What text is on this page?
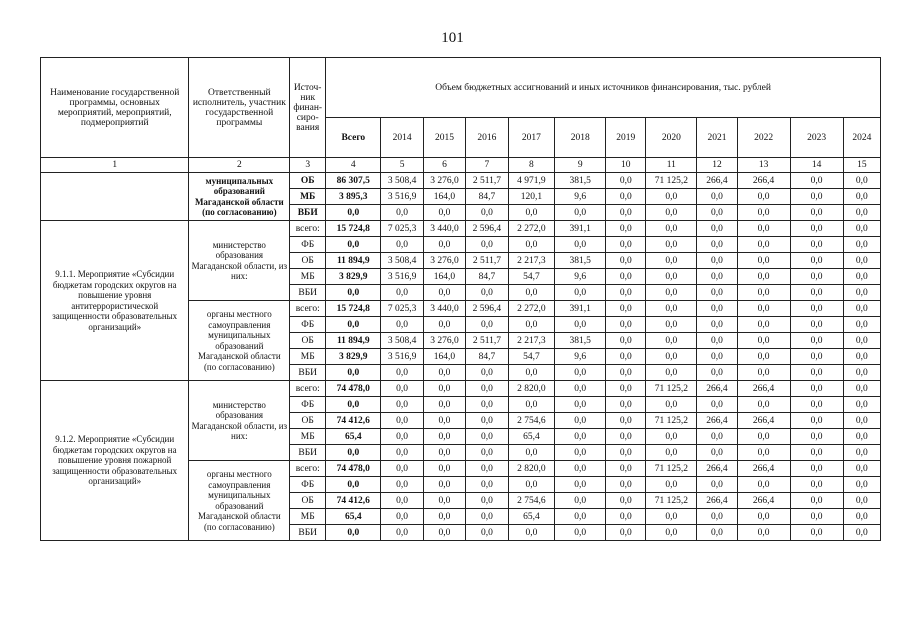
101
Наименование государственной программы, основных мероприятий, мероприятий, подмероприятий	Ответственный исполнитель, участник государственной программы	Источ-ник финан-сиро-вания	Объем бюджетных ассигнований и иных источников финансирования, тыс. рублей											
			Всего	2014	2015	2016	2017	2018	2019	2020	2021	2022	2023	2024
1	2	3	4	5	6	7	8	9	10	11	12	13	14	15
	муниципальных образований Магаданской области (по согласованию)	ОБ	86 307,5	3 508,4	3 276,0	2 511,7	4 971,9	381,5	0,0	71 125,2	266,4	266,4	0,0	0,0
		МБ	3 895,3	3 516,9	164,0	84,7	120,1	9,6	0,0	0,0	0,0	0,0	0,0	0,0
		ВБИ	0,0	0,0	0,0	0,0	0,0	0,0	0,0	0,0	0,0	0,0	0,0	0,0
9.1.1. Мероприятие «Субсидии бюджетам городских округов на повышение уровня антитеррористической защищенности образовательных организаций»	министерство образования Магаданской области, из них:	всего:	15 724,8	7 025,3	3 440,0	2 596,4	2 272,0	391,1	0,0	0,0	0,0	0,0	0,0	0,0
		ФБ	0,0	0,0	0,0	0,0	0,0	0,0	0,0	0,0	0,0	0,0	0,0	0,0
		ОБ	11 894,9	3 508,4	3 276,0	2 511,7	2 217,3	381,5	0,0	0,0	0,0	0,0	0,0	0,0
		МБ	3 829,9	3 516,9	164,0	84,7	54,7	9,6	0,0	0,0	0,0	0,0	0,0	0,0
		ВБИ	0,0	0,0	0,0	0,0	0,0	0,0	0,0	0,0	0,0	0,0	0,0	0,0
	органы местного самоуправления муниципальных образований Магаданской области (по согласованию)	всего:	15 724,8	7 025,3	3 440,0	2 596,4	2 272,0	391,1	0,0	0,0	0,0	0,0	0,0	0,0
		ФБ	0,0	0,0	0,0	0,0	0,0	0,0	0,0	0,0	0,0	0,0	0,0	0,0
		ОБ	11 894,9	3 508,4	3 276,0	2 511,7	2 217,3	381,5	0,0	0,0	0,0	0,0	0,0	0,0
		МБ	3 829,9	3 516,9	164,0	84,7	54,7	9,6	0,0	0,0	0,0	0,0	0,0	0,0
		ВБИ	0,0	0,0	0,0	0,0	0,0	0,0	0,0	0,0	0,0	0,0	0,0	0,0
9.1.2. Мероприятие «Субсидии бюджетам городских округов на повышение уровня пожарной защищенности образовательных организаций»	министерство образования Магаданской области, из них:	всего:	74 478,0	0,0	0,0	0,0	2 820,0	0,0	0,0	71 125,2	266,4	266,4	0,0	0,0
		ФБ	0,0	0,0	0,0	0,0	0,0	0,0	0,0	0,0	0,0	0,0	0,0	0,0
		ОБ	74 412,6	0,0	0,0	0,0	2 754,6	0,0	0,0	71 125,2	266,4	266,4	0,0	0,0
		МБ	65,4	0,0	0,0	0,0	65,4	0,0	0,0	0,0	0,0	0,0	0,0	0,0
		ВБИ	0,0	0,0	0,0	0,0	0,0	0,0	0,0	0,0	0,0	0,0	0,0	0,0
	органы местного самоуправления муниципальных образований Магаданской области (по согласованию)	всего:	74 478,0	0,0	0,0	0,0	2 820,0	0,0	0,0	71 125,2	266,4	266,4	0,0	0,0
		ФБ	0,0	0,0	0,0	0,0	0,0	0,0	0,0	0,0	0,0	0,0	0,0	0,0
		ОБ	74 412,6	0,0	0,0	0,0	2 754,6	0,0	0,0	71 125,2	266,4	266,4	0,0	0,0
		МБ	65,4	0,0	0,0	0,0	65,4	0,0	0,0	0,0	0,0	0,0	0,0	0,0
		ВБИ	0,0	0,0	0,0	0,0	0,0	0,0	0,0	0,0	0,0	0,0	0,0	0,0
